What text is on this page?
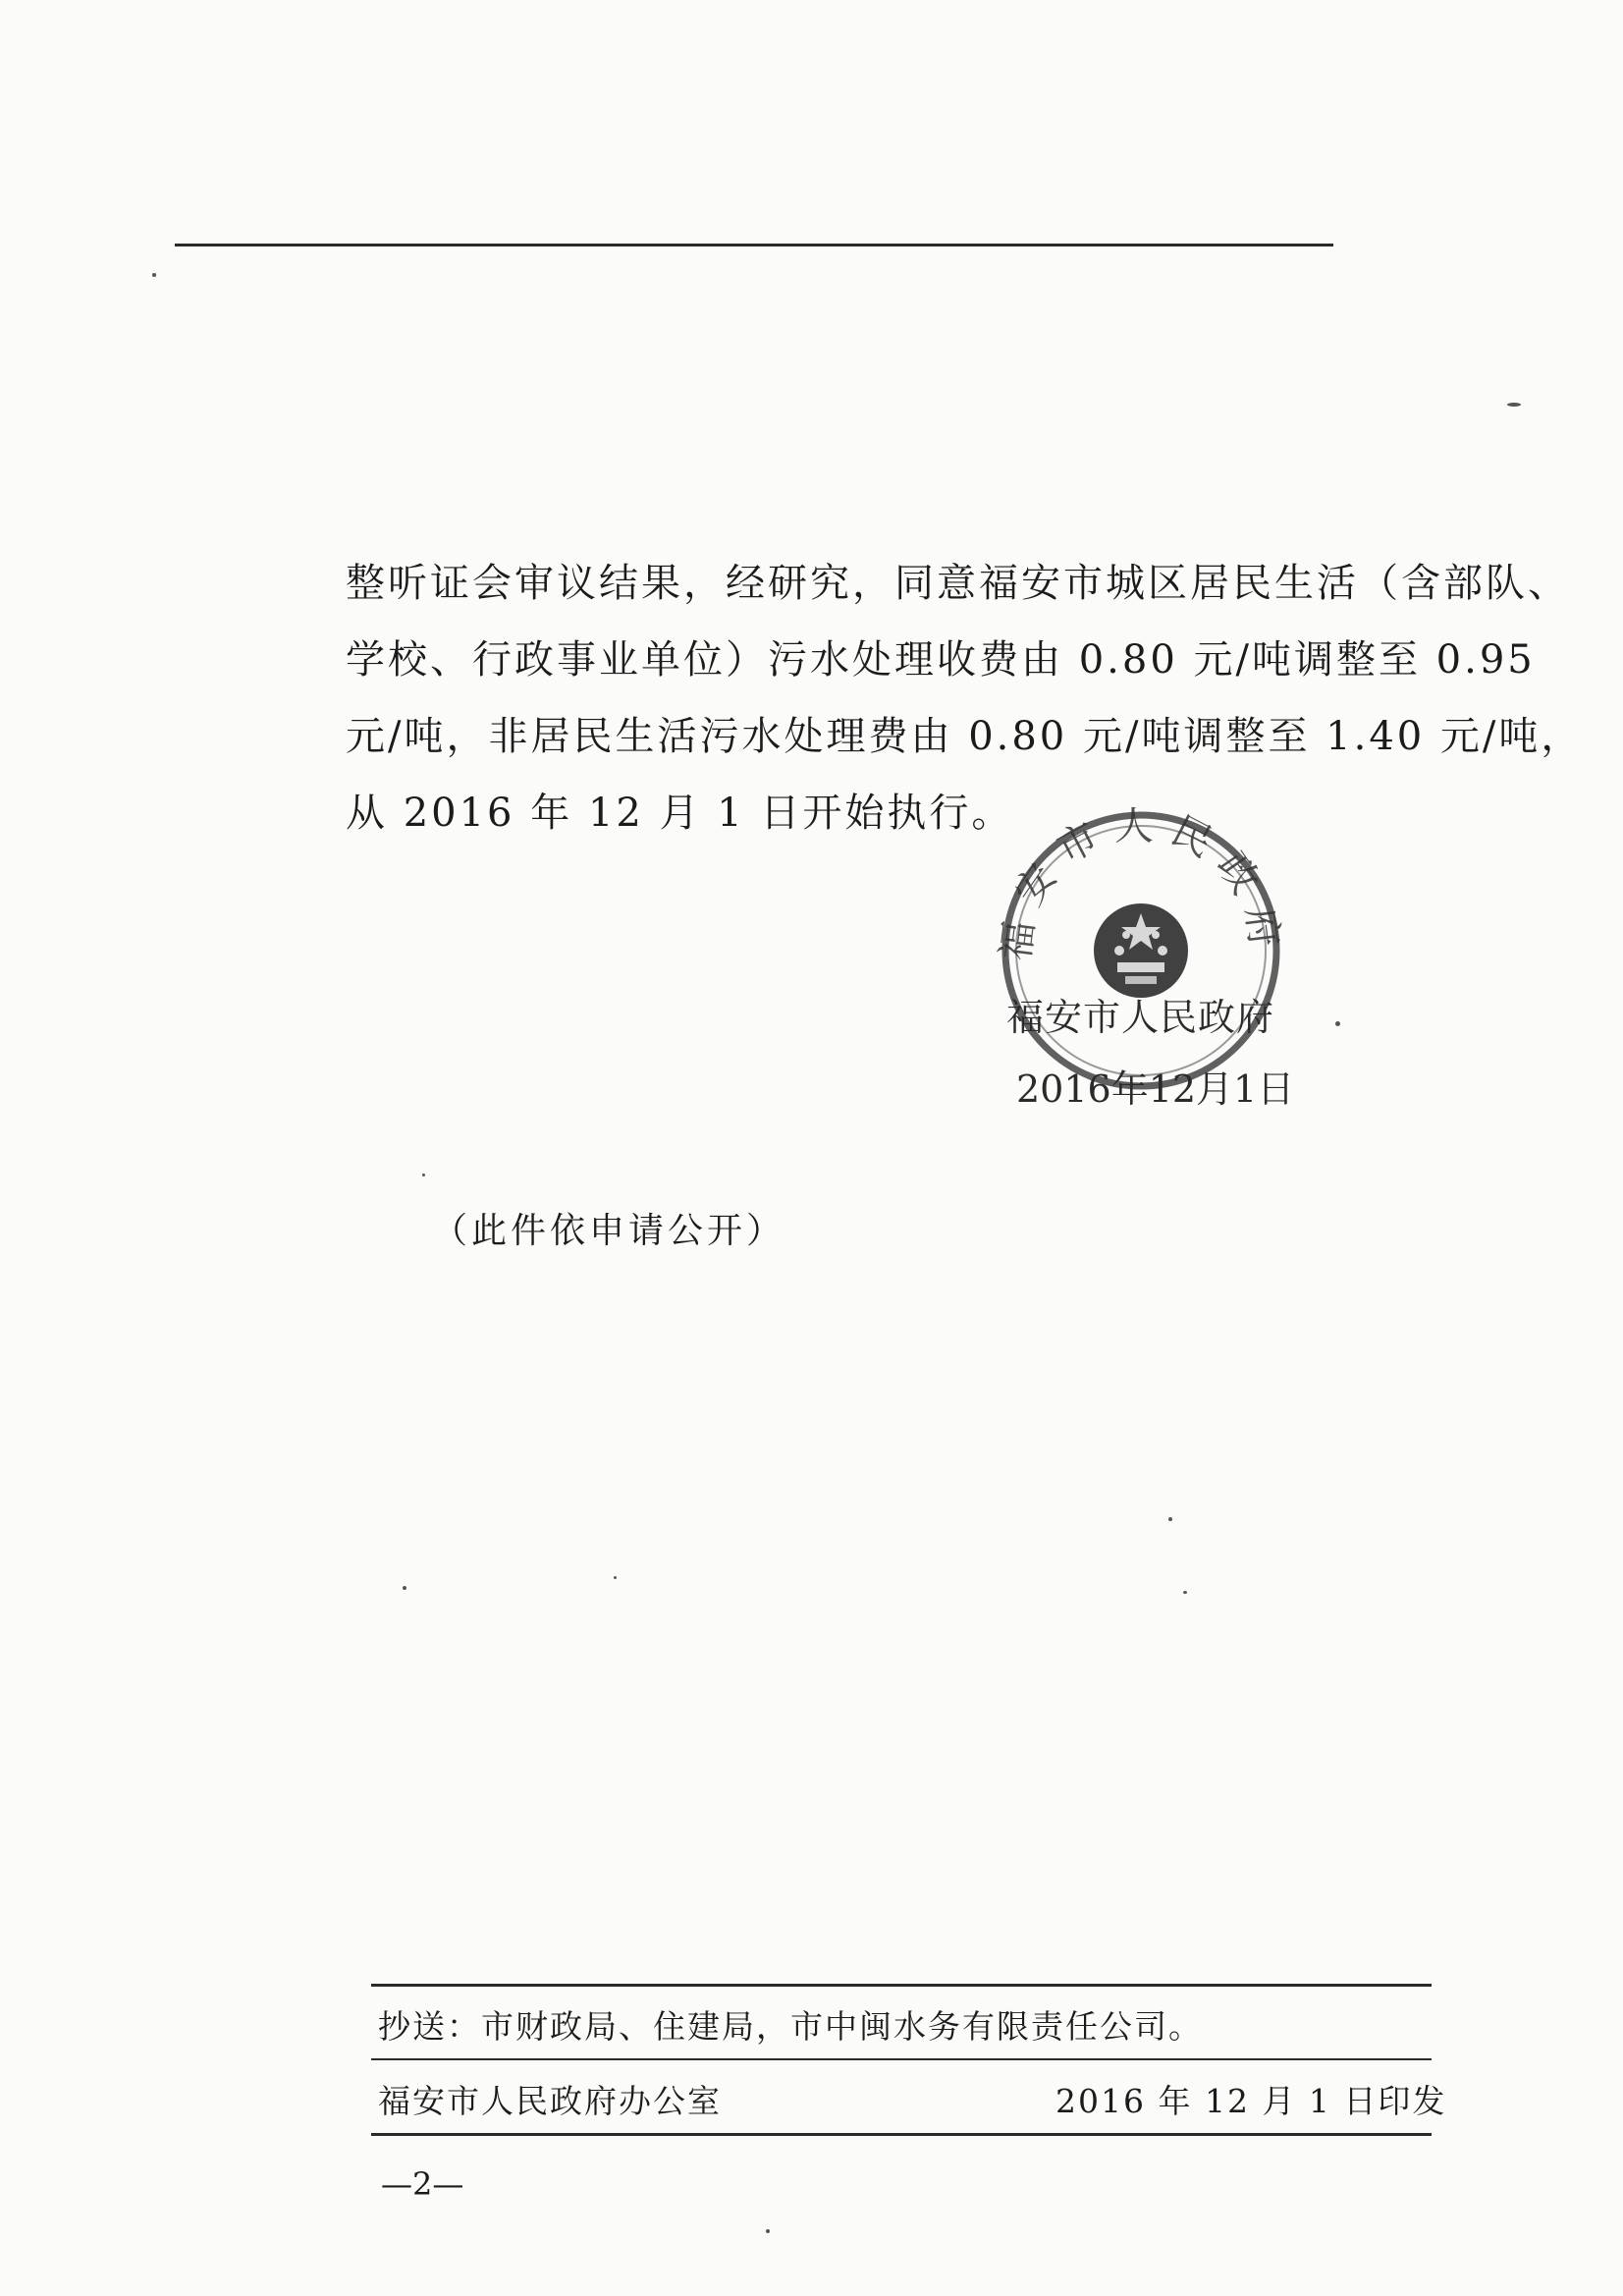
整听证会审议结果，经研究，同意福安市城区居民生活（含部队、
学校、行政事业单位）污水处理收费由 0.80 元/吨调整至 0.95
元/吨，非居民生活污水处理费由 0.80 元/吨调整至 1.40 元/吨，
从 2016 年 12 月 1 日开始执行。
福安市人民政府
福安市人民政府
2016年12月1日
（此件依申请公开）
抄送：市财政局、住建局，市中闽水务有限责任公司。
福安市人民政府办公室	2016 年 12 月 1 日印发
—2—
